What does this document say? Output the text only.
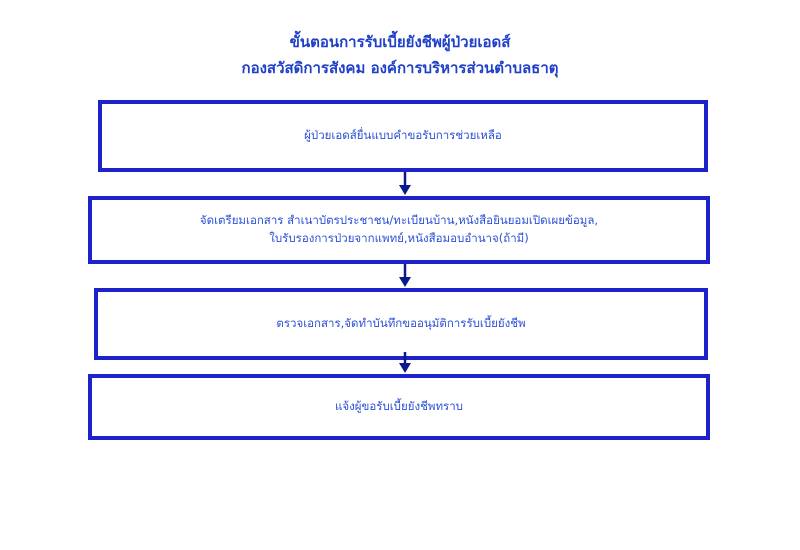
ขั้นตอนการรับเบี้ยยังชีพผู้ป่วยเอดส์
กองสวัสดิการสังคม องค์การบริหารส่วนตำบลธาตุ
ผู้ป่วยเอดส์ยื่นแบบคำขอรับการช่วยเหลือ
จัดเตรียมเอกสาร สำเนาบัตรประชาชน/ทะเบียนบ้าน,หนังสือยินยอมเปิดเผยข้อมูล,
ใบรับรองการป่วยจากแพทย์,หนังสือมอบอำนาจ(ถ้ามี)
ตรวจเอกสาร,จัดทำบันทึกขออนุมัติการรับเบี้ยยังชีพ
แจ้งผู้ขอรับเบี้ยยังชีพทราบ
